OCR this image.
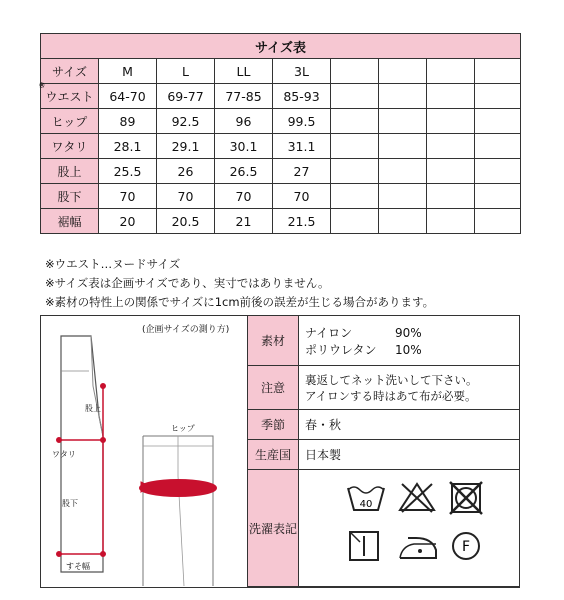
サイズ表								
サイズ	M	L	LL	3L				

※
ウエスト	64-70	69-77	77-85	85-93				
ヒップ	89	92.5	96	99.5				
ワタリ	28.1	29.1	30.1	31.1				
股上	25.5	26	26.5	27				
股下	70	70	70	70				
裾幅	20	20.5	21	21.5				
※ウエスト…ヌードサイズ
※サイズ表は企画サイズであり、実寸ではありません。
※素材の特性上の関係でサイズに1cm前後の誤差が生じる場合があります。
(企画サイズの測り方)
股上
ワタリ
股下
すそ幅
ヒップ
素材	ナイロン 90%
ポリウレタン 10%

注意	裏返してネット洗いして下さい。
アイロンする時はあて布が必要。

季節	春・秋
生産国	日本製
洗濯表記	
40
F
